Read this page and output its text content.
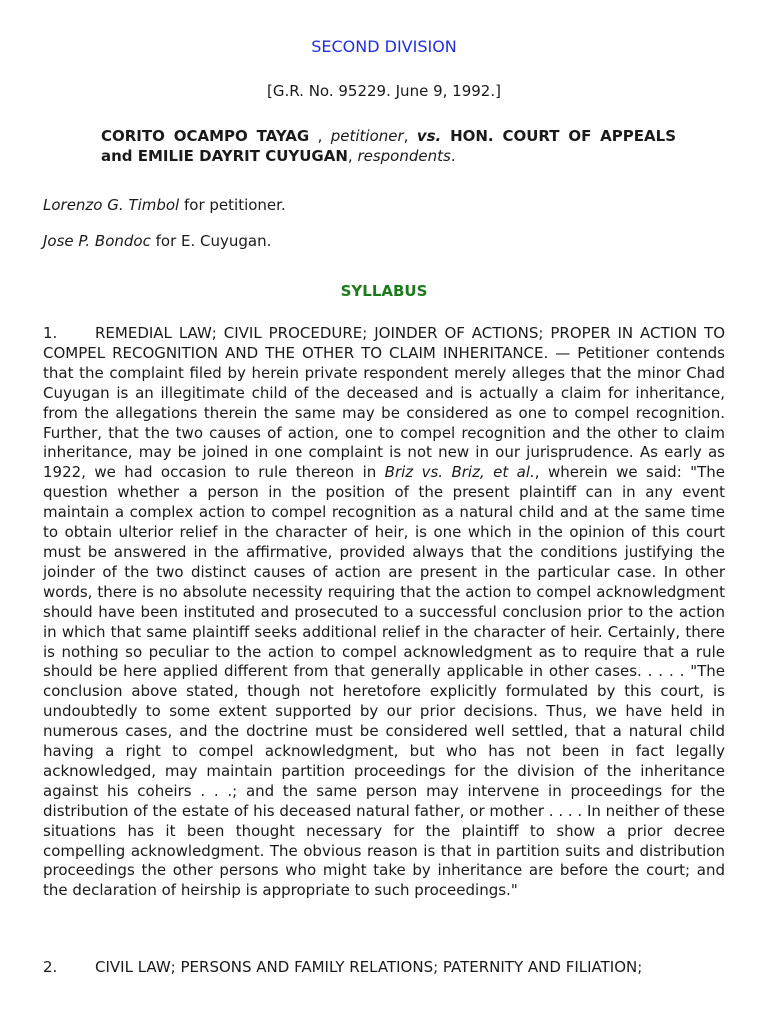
SECOND DIVISION
[G.R. No. 95229. June 9, 1992.]
CORITO OCAMPO TAYAG , petitioner, vs. HON. COURT OF APPEALS and EMILIE DAYRIT CUYUGAN, respondents.
Lorenzo G. Timbol for petitioner.
Jose P. Bondoc for E. Cuyugan.
SYLLABUS

1.	REMEDIAL LAW; CIVIL PROCEDURE; JOINDER OF ACTIONS; PROPER IN ACTION TO COMPEL RECOGNITION AND THE OTHER TO CLAIM INHERITANCE. — Petitioner contends that the complaint filed by herein private respondent merely alleges that the minor Chad Cuyugan is an illegitimate child of the deceased and is actually a claim for inheritance, from the allegations therein the same may be considered as one to compel recognition. Further, that the two causes of action, one to compel recognition and the other to claim inheritance, may be joined in one complaint is not new in our jurisprudence. As early as 1922, we had occasion to rule thereon in Briz vs. Briz, et al., wherein we said: "The question whether a person in the position of the present plaintiff can in any event maintain a complex action to compel recognition as a natural child and at the same time to obtain ulterior relief in the character of heir, is one which in the opinion of this court must be answered in the affirmative, provided always that the conditions justifying the joinder of the two distinct causes of action are present in the particular case. In other words, there is no absolute necessity requiring that the action to compel acknowledgment should have been instituted and prosecuted to a successful conclusion prior to the action in which that same plaintiff seeks additional relief in the character of heir. Certainly, there is nothing so peculiar to the action to compel acknowledgment as to require that a rule should be here applied different from that generally applicable in other cases. . . . . "The conclusion above stated, though not heretofore explicitly formulated by this court, is undoubtedly to some extent supported by our prior decisions. Thus, we have held in numerous cases, and the doctrine must be considered well settled, that a natural child having a right to compel acknowledgment, but who has not been in fact legally acknowledged, may maintain partition proceedings for the division of the inheritance against his coheirs . . .; and the same person may intervene in proceedings for the distribution of the estate of his deceased natural father, or mother . . . . In neither of these situations has it been thought necessary for the plaintiff to show a prior decree compelling acknowledgment. The obvious reason is that in partition suits and distribution proceedings the other persons who might take by inheritance are before the court; and the declaration of heirship is appropriate to such proceedings."

2.	CIVIL LAW; PERSONS AND FAMILY RELATIONS; PATERNITY AND FILIATION;
